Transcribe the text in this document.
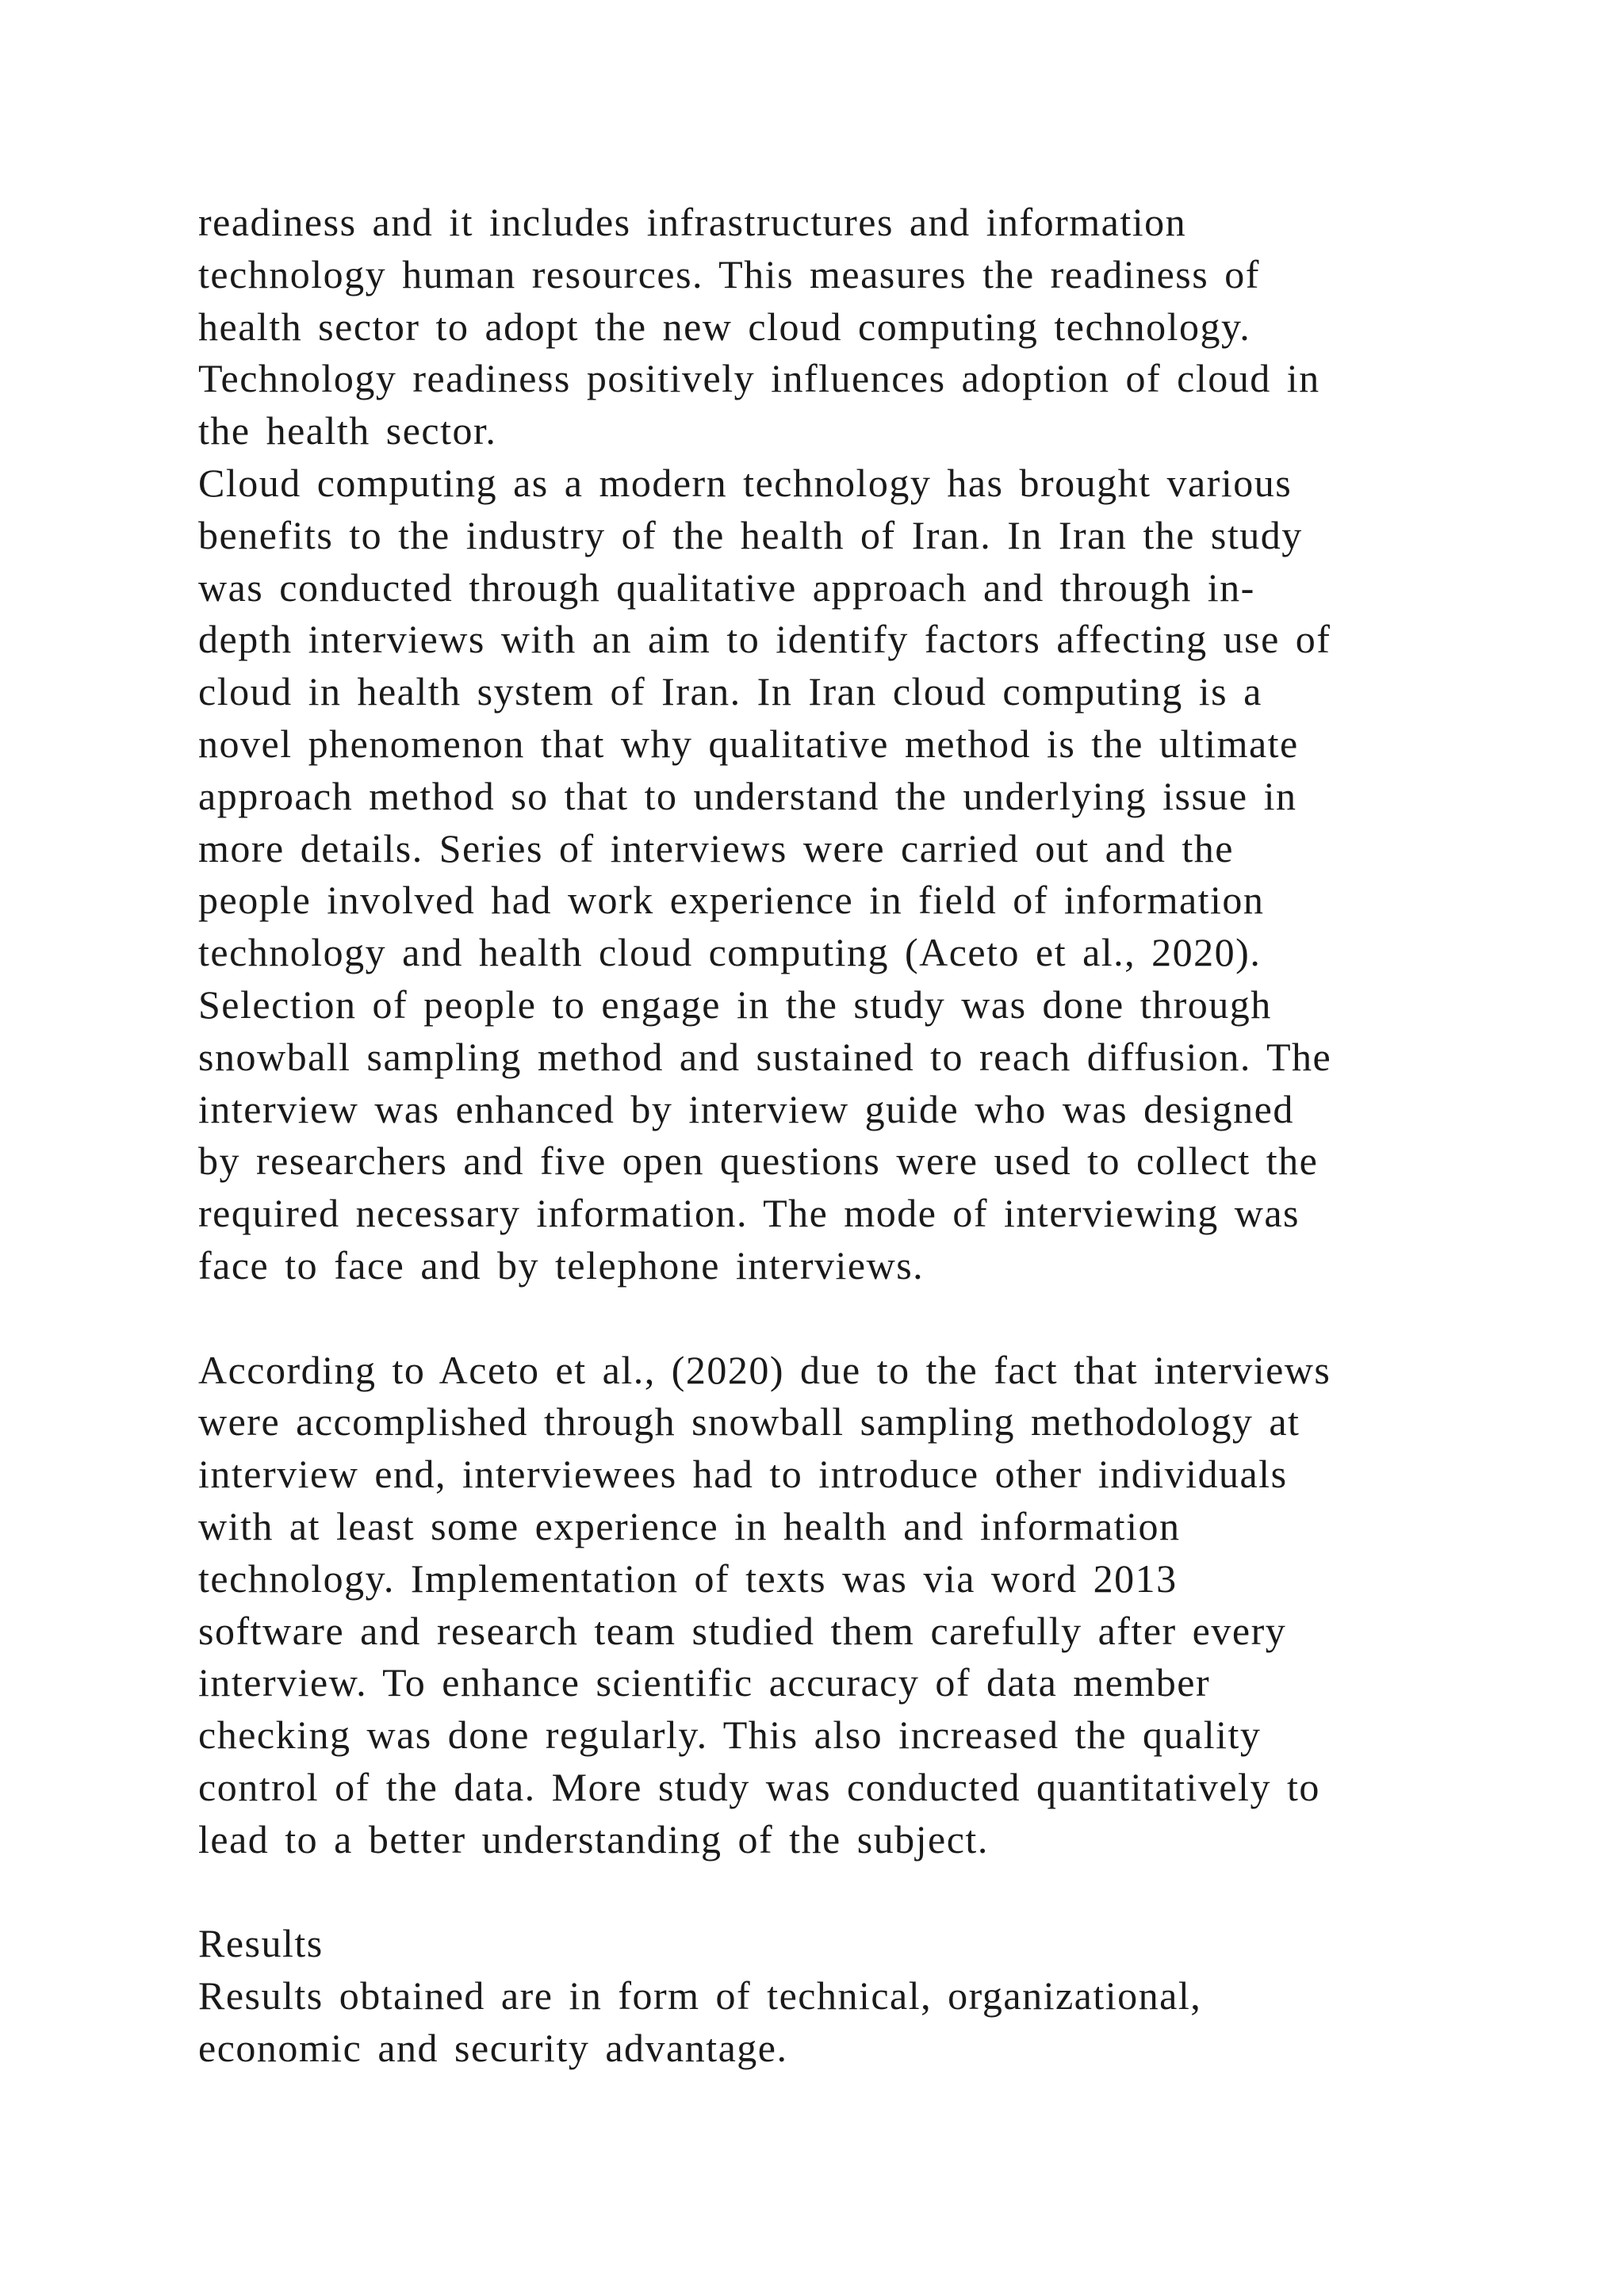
readiness and it includes infrastructures and information
technology human resources. This measures the readiness of
health sector to adopt the new cloud computing technology.
Technology readiness positively influences adoption of cloud in
the health sector.
Cloud computing as a modern technology has brought various
benefits to the industry of the health of Iran. In Iran the study
was conducted through qualitative approach and through in-
depth interviews with an aim to identify factors affecting use of
cloud in health system of Iran. In Iran cloud computing is a
novel phenomenon that why qualitative method is the ultimate
approach method so that to understand the underlying issue in
more details. Series of interviews were carried out and the
people involved had work experience in field of information
technology and health cloud computing (Aceto et al., 2020).
Selection of people to engage in the study was done through
snowball sampling method and sustained to reach diffusion. The
interview was enhanced by interview guide who was designed
by researchers and five open questions were used to collect the
required necessary information. The mode of interviewing was
face to face and by telephone interviews.
According to Aceto et al., (2020) due to the fact that interviews
were accomplished through snowball sampling methodology at
interview end, interviewees had to introduce other individuals
with at least some experience in health and information
technology. Implementation of texts was via word 2013
software and research team studied them carefully after every
interview. To enhance scientific accuracy of data member
checking was done regularly. This also increased the quality
control of the data. More study was conducted quantitatively to
lead to a better understanding of the subject.
Results
Results obtained are in form of technical, organizational,
economic and security advantage.
